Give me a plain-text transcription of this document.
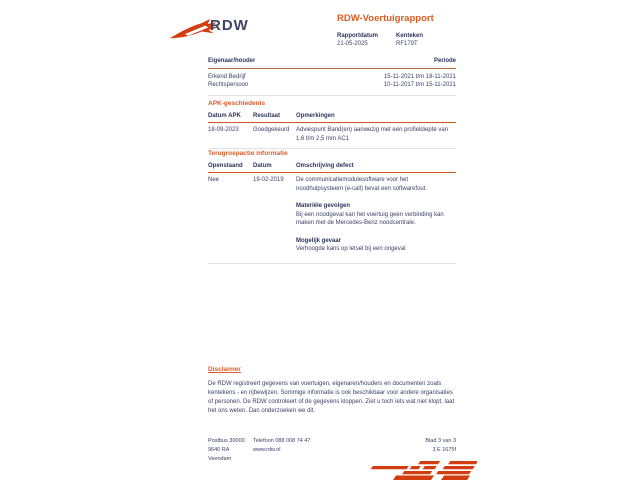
RDW	RDW-Voertuigrapport
Rapportdatum
21-05-2025
Kenteken
RF179T
Eigenaar/houder	Periode
Erkend Bedrijf	15-11-2021 t/m 18-11-2021
Rechtspersoon	10-11-2017 t/m 15-11-2021
APK-geschiedenis
Datum APK	Resultaat	Opmerkingen
18-09-2023	Goedgekeurd	Adviespunt Band(en) aanwezig met een profieldiepte van 1.6 t/m 2,5 mm AC1
Terugroepactie informatie
Openstaand	Datum	Omschrijving defect
Nee	19-02-2019	De communicatiemodulesoftware voor het noodhulpsysteem (e-call) bevat een softwarefout.
Materiële gevolgen
Bij een noodgeval kan het voertuig geen verbinding kan maken met de Mercedes-Benz noodcentrale.
Mogelijk gevaar
Verhoogde kans op letsel bij een ongeval
Disclaimer
De RDW registreert gegevens van voertuigen, eigenaren/houders en documenten zoals kentekens - en rijbewijzen. Sommige informatie is ook beschikbaar voor andere organisaties of personen. De RDW controleert of de gegevens kloppen. Ziet u toch iets wat niet klopt, laat het ons weten. Dan onderzoeken we dit.
Postbus 30000
9640 RA Veendam
Telefoon 088 008 74 47
www.rdw.nl
Blad 3 van 3
3 E 1675f
